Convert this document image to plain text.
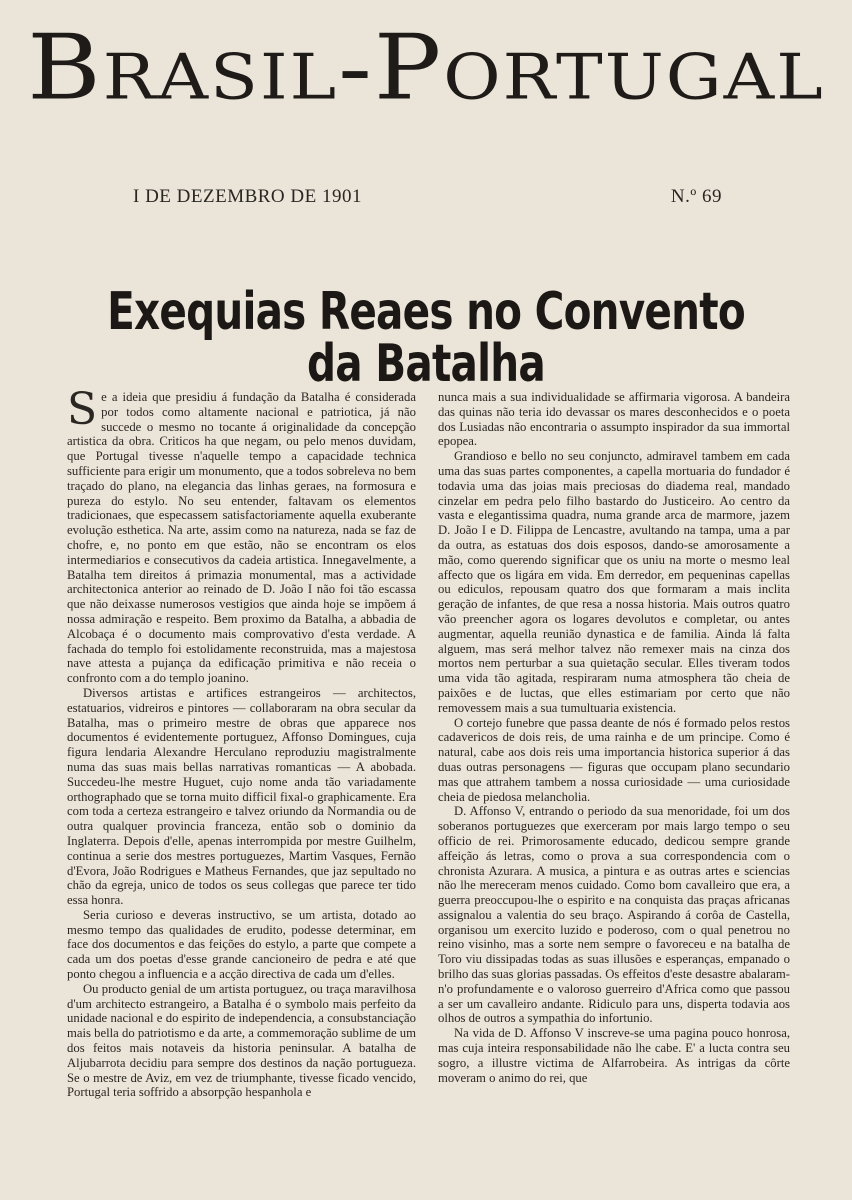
Brasil-Portugal
I DE DEZEMBRO DE 1901	N.º 69
Exequias Reaes no Convento da Batalha

Se a ideia que presidiu á fundação da Batalha é considerada por todos como altamente nacional e patriotica, já não succede o mesmo no tocante á originalidade da concepção artistica da obra. Criticos ha que negam, ou pelo menos duvidam, que Portugal tivesse n'aquelle tempo a capacidade technica sufficiente para erigir um monumento, que a todos sobreleva no bem traçado do plano, na elegancia das linhas geraes, na formosura e pureza do estylo. No seu entender, faltavam os elementos tradicionaes, que especassem satisfactoriamente aquella exuberante evolução esthetica. Na arte, assim como na natureza, nada se faz de chofre, e, no ponto em que estão, não se encontram os elos intermediarios e consecutivos da cadeia artistica. Innegavelmente, a Batalha tem direitos á primazia monumental, mas a actividade architectonica anterior ao reinado de D. João I não foi tão escassa que não deixasse numerosos vestigios que ainda hoje se impõem á nossa admiração e respeito. Bem proximo da Batalha, a abbadia de Alcobaça é o documento mais comprovativo d'esta verdade. A fachada do templo foi estolidamente reconstruida, mas a majestosa nave attesta a pujança da edificação primitiva e não receia o confronto com a do templo joanino.

Diversos artistas e artifices estrangeiros — architectos, estatuarios, vidreiros e pintores — collaboraram na obra secular da Batalha, mas o primeiro mestre de obras que apparece nos documentos é evidentemente portuguez, Affonso Domingues, cuja figura lendaria Alexandre Herculano reproduziu magistralmente numa das suas mais bellas narrativas romanticas — A abobada. Succedeu-lhe mestre Huguet, cujo nome anda tão variadamente orthographado que se torna muito difficil fixal-o graphicamente. Era com toda a certeza estrangeiro e talvez oriundo da Normandia ou de outra qualquer provincia franceza, então sob o dominio da Inglaterra. Depois d'elle, apenas interrompida por mestre Guilhelm, continua a serie dos mestres portuguezes, Martim Vasques, Fernão d'Evora, João Rodrigues e Matheus Fernandes, que jaz sepultado no chão da egreja, unico de todos os seus collegas que parece ter tido essa honra.

Seria curioso e deveras instructivo, se um artista, dotado ao mesmo tempo das qualidades de erudito, podesse determinar, em face dos documentos e das feições do estylo, a parte que compete a cada um dos poetas d'esse grande cancioneiro de pedra e até que ponto chegou a influencia e a acção directiva de cada um d'elles.

Ou producto genial de um artista portuguez, ou traça maravilhosa d'um architecto estrangeiro, a Batalha é o symbolo mais perfeito da unidade nacional e do espirito de independencia, a consubstanciação mais bella do patriotismo e da arte, a commemoração sublime de um dos feitos mais notaveis da historia peninsular. A batalha de Aljubarrota decidiu para sempre dos destinos da nação portugueza. Se o mestre de Aviz, em vez de triumphante, tivesse ficado vencido, Portugal teria soffrido a absorpção hespanhola e

nunca mais a sua individualidade se affirmaria vigorosa. A bandeira das quinas não teria ido devassar os mares desconhecidos e o poeta dos Lusiadas não encontraria o assumpto inspirador da sua immortal epopea.

Grandioso e bello no seu conjuncto, admiravel tambem em cada uma das suas partes componentes, a capella mortuaria do fundador é todavia uma das joias mais preciosas do diadema real, mandado cinzelar em pedra pelo filho bastardo do Justiceiro. Ao centro da vasta e elegantissima quadra, numa grande arca de marmore, jazem D. João I e D. Filippa de Lencastre, avultando na tampa, uma a par da outra, as estatuas dos dois esposos, dando-se amorosamente a mão, como querendo significar que os uniu na morte o mesmo leal affecto que os ligára em vida. Em derredor, em pequeninas capellas ou ediculos, repousam quatro dos que formaram a mais inclita geração de infantes, de que resa a nossa historia. Mais outros quatro vão preencher agora os logares devolutos e completar, ou antes augmentar, aquella reunião dynastica e de familia. Ainda lá falta alguem, mas será melhor talvez não remexer mais na cinza dos mortos nem perturbar a sua quietação secular. Elles tiveram todos uma vida tão agitada, respiraram numa atmosphera tão cheia de paixões e de luctas, que elles estimariam por certo que não removessem mais a sua tumultuaria existencia.

O cortejo funebre que passa deante de nós é formado pelos restos cadavericos de dois reis, de uma rainha e de um principe. Como é natural, cabe aos dois reis uma importancia historica superior á das duas outras personagens — figuras que occupam plano secundario mas que attrahem tambem a nossa curiosidade — uma curiosidade cheia de piedosa melancholia.

D. Affonso V, entrando o periodo da sua menoridade, foi um dos soberanos portuguezes que exerceram por mais largo tempo o seu officio de rei. Primorosamente educado, dedicou sempre grande affeição ás letras, como o prova a sua correspondencia com o chronista Azurara. A musica, a pintura e as outras artes e sciencias não lhe mereceram menos cuidado. Como bom cavalleiro que era, a guerra preoccupou-lhe o espirito e na conquista das praças africanas assignalou a valentia do seu braço. Aspirando á corôa de Castella, organisou um exercito luzido e poderoso, com o qual penetrou no reino visinho, mas a sorte nem sempre o favoreceu e na batalha de Toro viu dissipadas todas as suas illusões e esperanças, empanado o brilho das suas glorias passadas. Os effeitos d'este desastre abalaram-n'o profundamente e o valoroso guerreiro d'Africa como que passou a ser um cavalleiro andante. Ridiculo para uns, disperta todavia aos olhos de outros a sympathia do infortunio.

Na vida de D. Affonso V inscreve-se uma pagina pouco honrosa, mas cuja inteira responsabilidade não lhe cabe. E' a lucta contra seu sogro, a illustre victima de Alfarrobeira. As intrigas da côrte moveram o animo do rei, que
